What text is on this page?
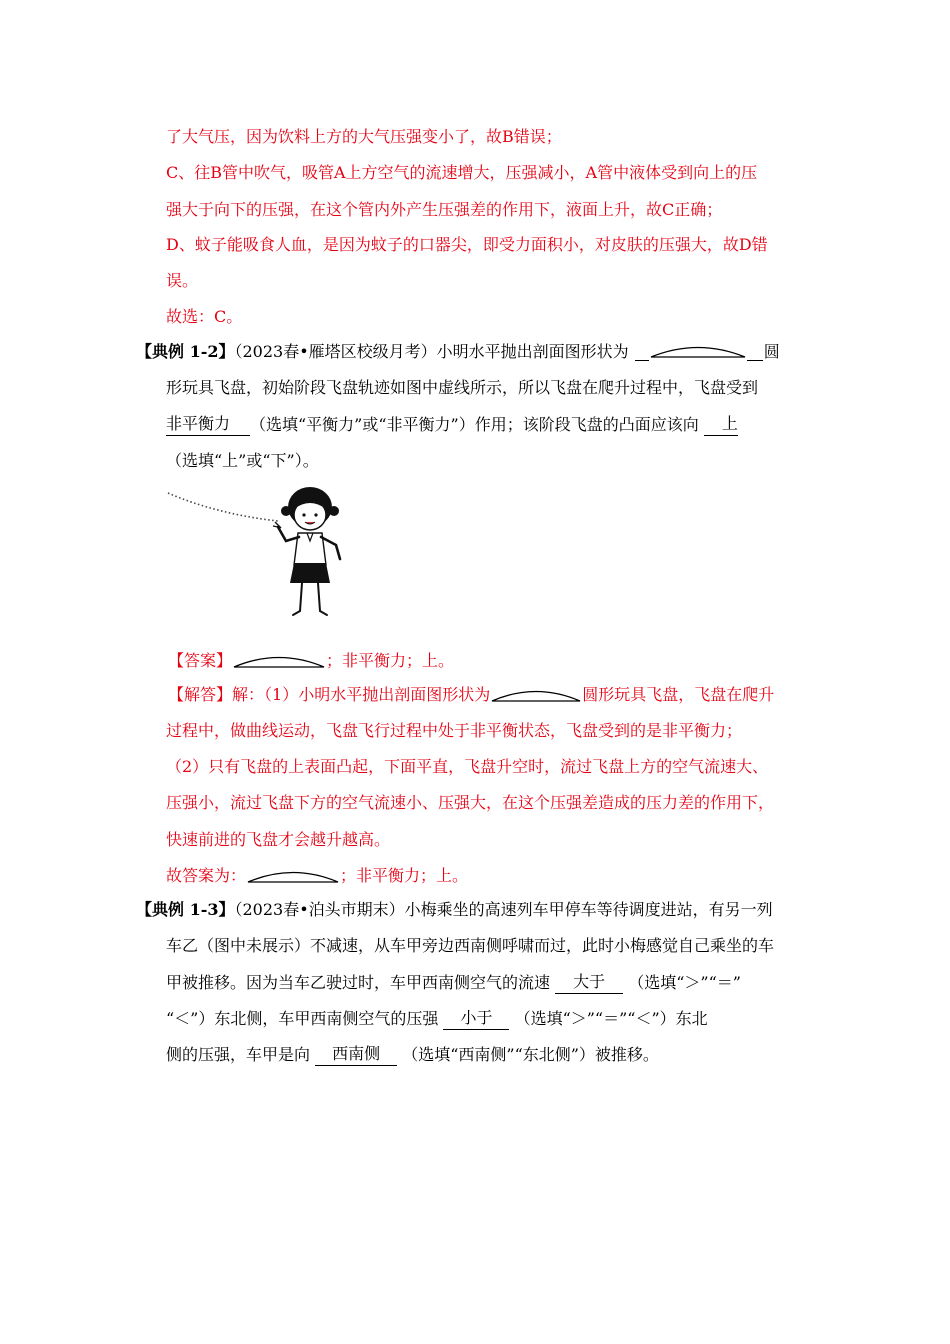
了大气压，因为饮料上方的大气压强变小了，故B错误；
C、往B管中吹气，吸管A上方空气的流速增大，压强减小，A管中液体受到向上的压
强大于向下的压强，在这个管内外产生压强差的作用下，液面上升，故C正确；
D、蚊子能吸食人血，是因为蚊子的口器尖，即受力面积小，对皮肤的压强大，故D错
误。
故选：C。
【典例 1-2】（2023春•雁塔区校级月考）小明水平抛出剖面图形状为	圆
形玩具飞盘，初始阶段飞盘轨迹如图中虚线所示，所以飞盘在爬升过程中，飞盘受到
非平衡力 （选填“平衡力”或“非平衡力”）作用；该阶段飞盘的凸面应该向 上
（选填“上”或“下”）。
【答案】	；非平衡力；上。
【解答】解：（1）小明水平抛出剖面图形状为	圆形玩具飞盘，飞盘在爬升
过程中，做曲线运动，飞盘飞行过程中处于非平衡状态，飞盘受到的是非平衡力；
（2）只有飞盘的上表面凸起，下面平直，飞盘升空时，流过飞盘上方的空气流速大、
压强小，流过飞盘下方的空气流速小、压强大，在这个压强差造成的压力差的作用下，
快速前进的飞盘才会越升越高。
故答案为：	；非平衡力；上。
【典例 1-3】（2023春•泊头市期末）小梅乘坐的高速列车甲停车等待调度进站，有另一列
车乙（图中未展示）不减速，从车甲旁边西南侧呼啸而过，此时小梅感觉自己乘坐的车
甲被推移。因为当车乙驶过时，车甲西南侧空气的流速 大于 （选填“＞”“＝”
“＜”）东北侧，车甲西南侧空气的压强 小于 （选填“＞”“＝”“＜”）东北
侧的压强，车甲是向 西南侧 （选填“西南侧”“东北侧”）被推移。
